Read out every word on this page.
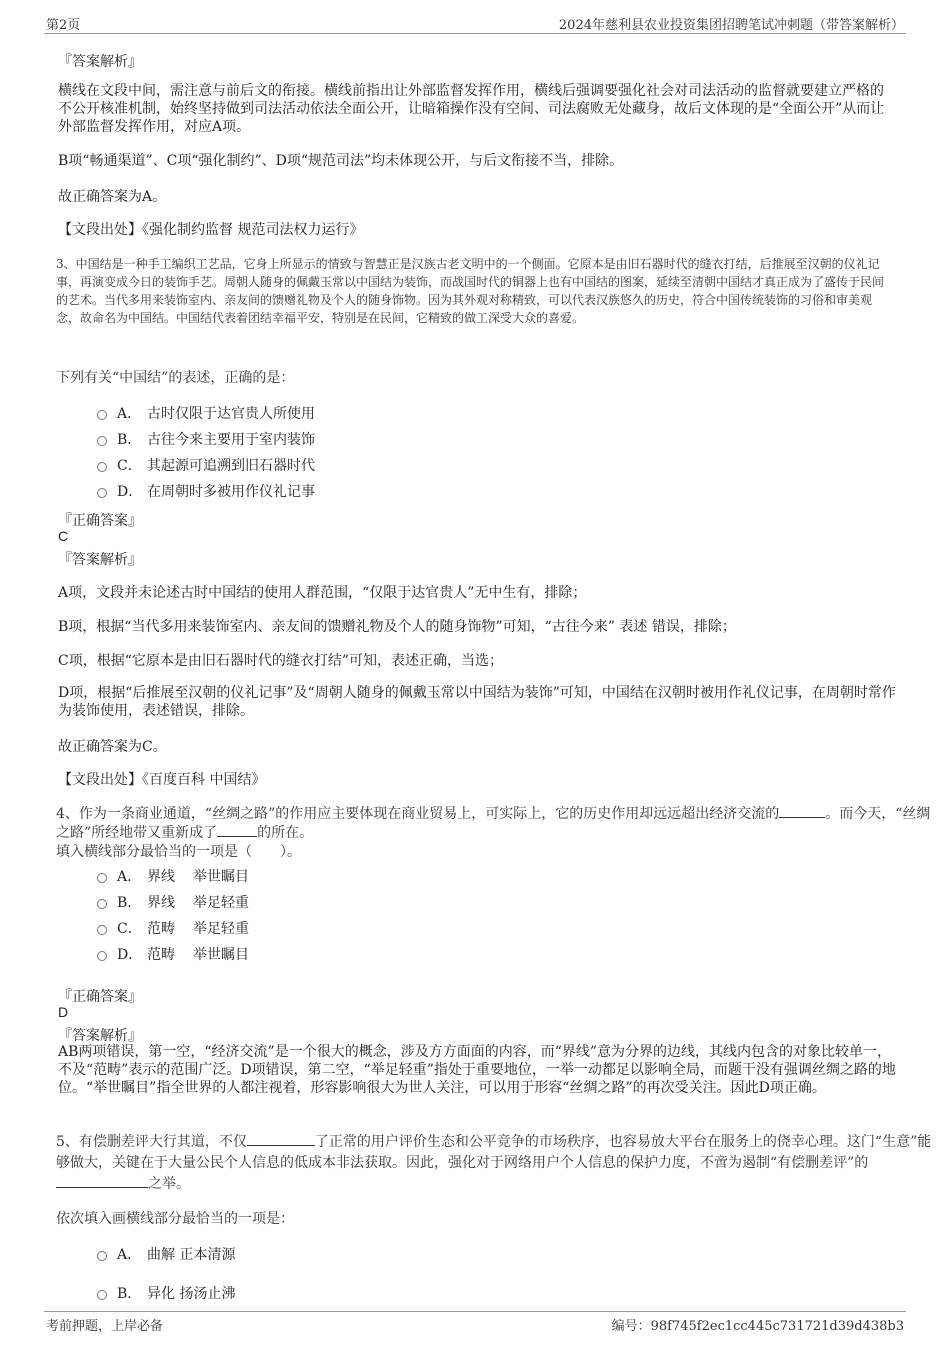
第2页	2024年慈利县农业投资集团招聘笔试冲刺题（带答案解析）
『答案解析』
横线在文段中间，需注意与前后文的衔接。横线前指出让外部监督发挥作用，横线后强调要强化社会对司法活动的监督就要建立严格的不公开核准机制，始终坚持做到司法活动依法全面公开，让暗箱操作没有空间、司法腐败无处藏身，故后文体现的是“全面公开”从而让外部监督发挥作用，对应A项。
B项“畅通渠道”、C项“强化制约”、D项“规范司法”均未体现公开，与后文衔接不当，排除。
故正确答案为A。
【文段出处】《强化制约监督 规范司法权力运行》
3、中国结是一种手工编织工艺品，它身上所显示的情致与智慧正是汉族古老文明中的一个侧面。它原本是由旧石器时代的缝衣打结，后推展至汉朝的仪礼记事，再演变成今日的装饰手艺。周朝人随身的佩戴玉常以中国结为装饰，而战国时代的铜器上也有中国结的图案，延续至清朝中国结才真正成为了盛传于民间的艺术。当代多用来装饰室内、亲友间的馈赠礼物及个人的随身饰物。因为其外观对称精致，可以代表汉族悠久的历史，符合中国传统装饰的习俗和审美观念，故命名为中国结。中国结代表着团结幸福平安，特别是在民间，它精致的做工深受大众的喜爱。
下列有关“中国结”的表述，正确的是：
A． 古时仅限于达官贵人所使用
B． 古往今来主要用于室内装饰
C． 其起源可追溯到旧石器时代
D． 在周朝时多被用作仪礼记事
『正确答案』
C
『答案解析』
A项，文段并未论述古时中国结的使用人群范围，“仅限于达官贵人”无中生有，排除；
B项，根据“当代多用来装饰室内、亲友间的馈赠礼物及个人的随身饰物”可知，“古往今来” 表述 错误，排除；
C项，根据“它原本是由旧石器时代的缝衣打结”可知，表述正确，当选；
D项，根据“后推展至汉朝的仪礼记事”及“周朝人随身的佩戴玉常以中国结为装饰”可知，中国结在汉朝时被用作礼仪记事，在周朝时常作为装饰使用，表述错误，排除。
故正确答案为C。
【文段出处】《百度百科 中国结》
4、作为一条商业通道，“丝绸之路”的作用应主要体现在商业贸易上，可实际上，它的历史作用却远远超出经济交流的	。而今天，“丝绸
之路”所经地带又重新成了	的所在。
填入横线部分最恰当的一项是（　　）。
A． 界线	举世瞩目
B． 界线	举足轻重
C． 范畴	举足轻重
D． 范畴	举世瞩目
『正确答案』
D
『答案解析』
AB两项错误，第一空，“经济交流”是一个很大的概念，涉及方方面面的内容，而“界线”意为分界的边线，其线内包含的对象比较单一，不及“范畴”表示的范围广泛。D项错误，第二空，“举足轻重”指处于重要地位，一举一动都足以影响全局，而题干没有强调丝绸之路的地位。“举世瞩目”指全世界的人都注视着，形容影响很大为世人关注，可以用于形容“丝绸之路”的再次受关注。因此D项正确。
5、有偿删差评大行其道，不仅	了正常的用户评价生态和公平竞争的市场秩序，也容易放大平台在服务上的侥幸心理。这门“生意”能
够做大，关键在于大量公民个人信息的低成本非法获取。因此，强化对于网络用户个人信息的保护力度，不啻为遏制“有偿删差评”的
之举。
依次填入画横线部分最恰当的一项是：
A． 曲解 正本清源
B． 异化 扬汤止沸
考前押题，上岸必备	编号：98f745f2ec1cc445c731721d39d438b3
